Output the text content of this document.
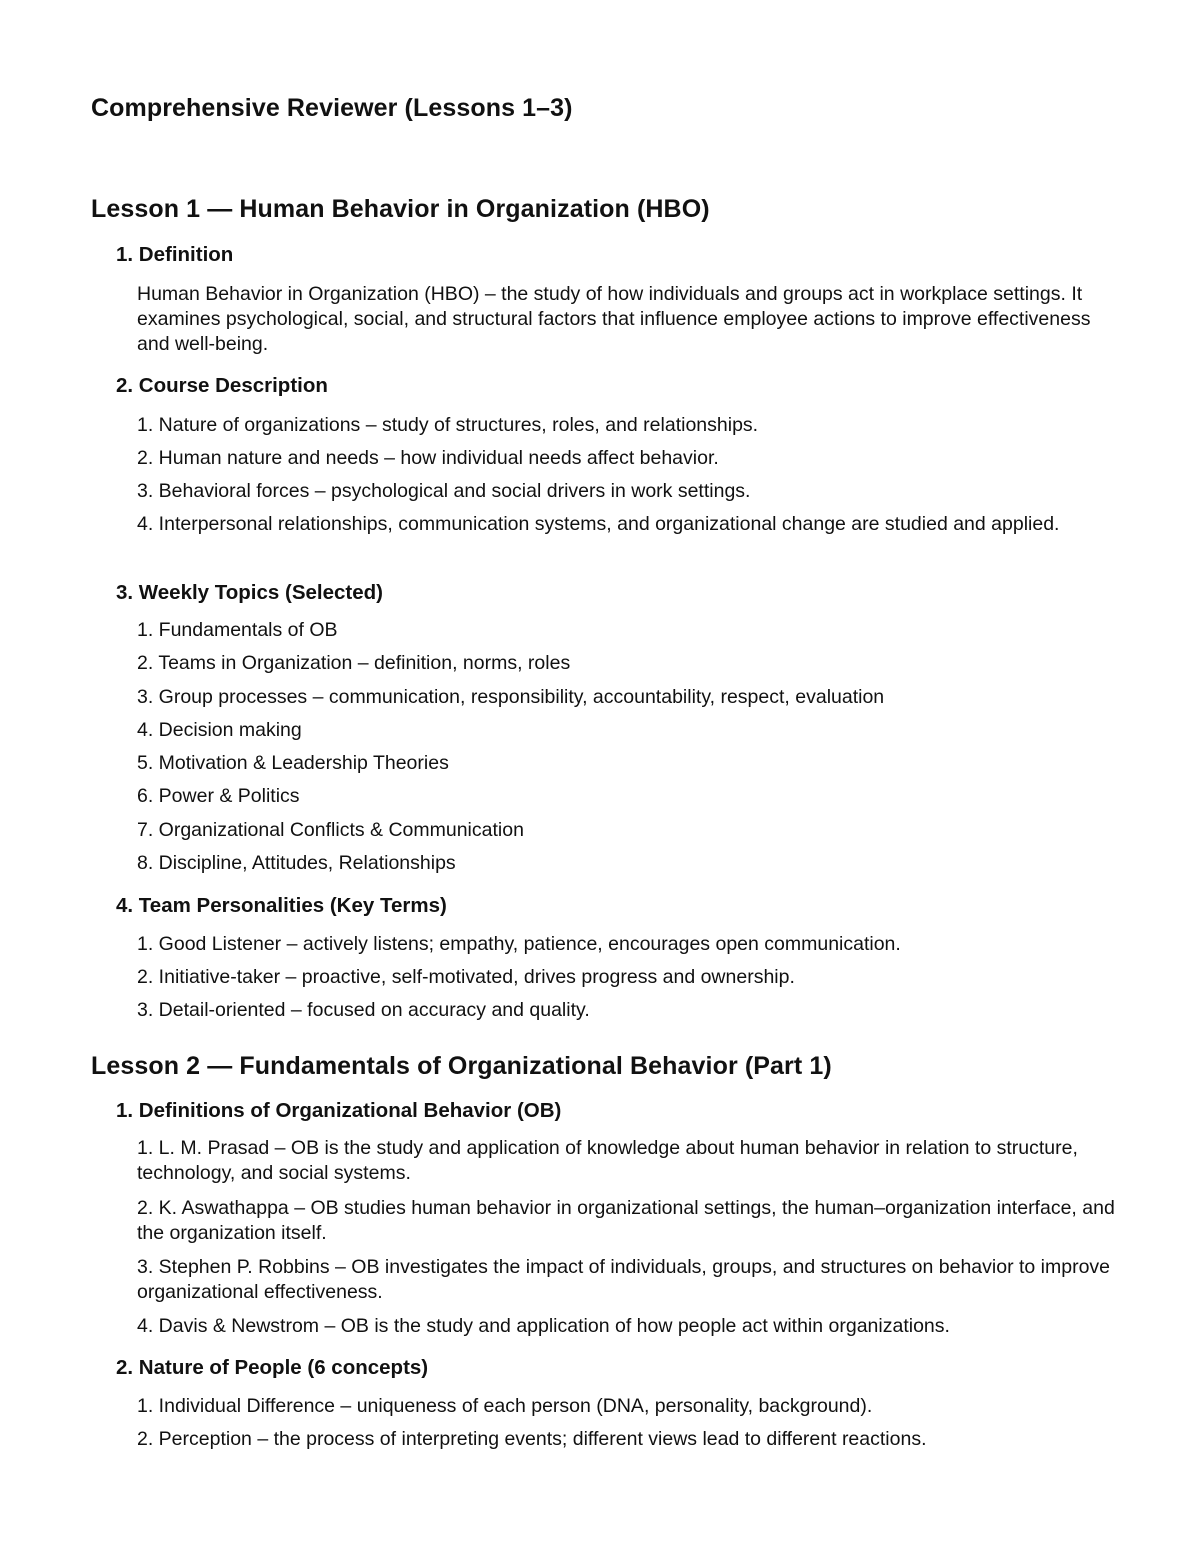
Comprehensive Reviewer (Lessons 1–3)
Lesson 1 — Human Behavior in Organization (HBO)
1. Definition

Human Behavior in Organization (HBO) – the study of how individuals and groups act in workplace settings. It examines psychological, social, and structural factors that influence employee actions to improve effectiveness and well-being.

2. Course Description

1. Nature of organizations – study of structures, roles, and relationships.

2. Human nature and needs – how individual needs affect behavior.

3. Behavioral forces – psychological and social drivers in work settings.

4. Interpersonal relationships, communication systems, and organizational change are studied and applied.

3. Weekly Topics (Selected)

1. Fundamentals of OB

2. Teams in Organization – definition, norms, roles

3. Group processes – communication, responsibility, accountability, respect, evaluation

4. Decision making

5. Motivation & Leadership Theories

6. Power & Politics

7. Organizational Conflicts & Communication

8. Discipline, Attitudes, Relationships

4. Team Personalities (Key Terms)

1. Good Listener – actively listens; empathy, patience, encourages open communication.

2. Initiative-taker – proactive, self-motivated, drives progress and ownership.

3. Detail-oriented – focused on accuracy and quality.

Lesson 2 — Fundamentals of Organizational Behavior (Part 1)
1. Definitions of Organizational Behavior (OB)

1. L. M. Prasad – OB is the study and application of knowledge about human behavior in relation to structure, technology, and social systems.

2. K. Aswathappa – OB studies human behavior in organizational settings, the human–organization interface, and the organization itself.

3. Stephen P. Robbins – OB investigates the impact of individuals, groups, and structures on behavior to improve organizational effectiveness.

4. Davis & Newstrom – OB is the study and application of how people act within organizations.

2. Nature of People (6 concepts)

1. Individual Difference – uniqueness of each person (DNA, personality, background).

2. Perception – the process of interpreting events; different views lead to different reactions.
